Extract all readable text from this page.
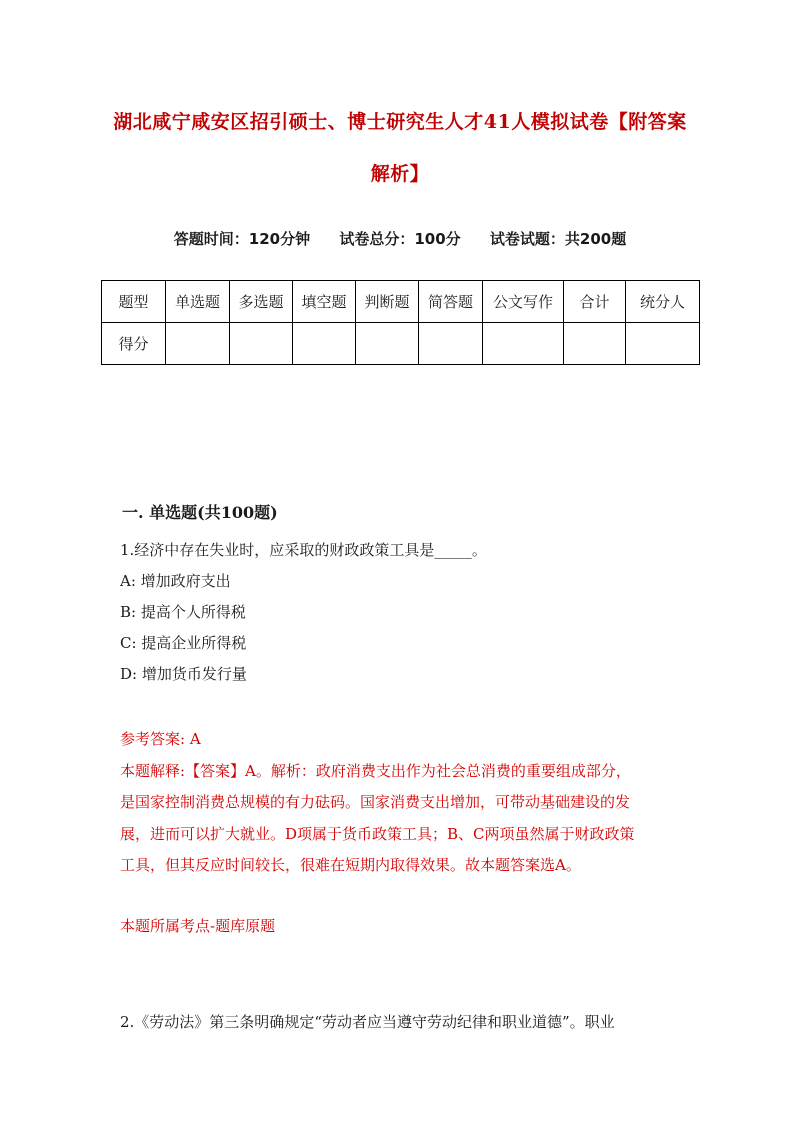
湖北咸宁咸安区招引硕士、博士研究生人才41人模拟试卷【附答案
解析】
答题时间：120分钟 试卷总分：100分 试卷试题：共200题
题型	单选题	多选题	填空题	判断题	简答题	公文写作	合计	统分人
得分								
一. 单选题(共100题)
1.经济中存在失业时，应采取的财政政策工具是_____。
A: 增加政府支出
B: 提高个人所得税
C: 提高企业所得税
D: 增加货币发行量
参考答案: A
本题解释:【答案】A。解析：政府消费支出作为社会总消费的重要组成部分，
是国家控制消费总规模的有力砝码。国家消费支出增加，可带动基础建设的发
展，进而可以扩大就业。D项属于货币政策工具；B、C两项虽然属于财政政策
工具，但其反应时间较长，很难在短期内取得效果。故本题答案选A。
本题所属考点-题库原题
2.《劳动法》第三条明确规定“劳动者应当遵守劳动纪律和职业道德”。职业
